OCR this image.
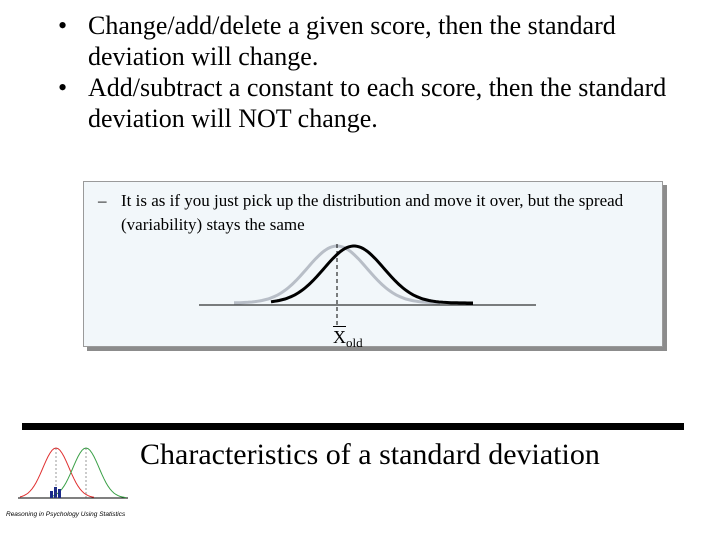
• Change/add/delete a given score, then the standard deviation will change.
• Add/subtract a constant to each score, then the standard deviation will NOT change.
– It is as if you just pick up the distribution and move it over, but the spread (variability) stays the same
$\overline{X}_{old}$
Reasoning in Psychology Using Statistics
Characteristics of a standard deviation
